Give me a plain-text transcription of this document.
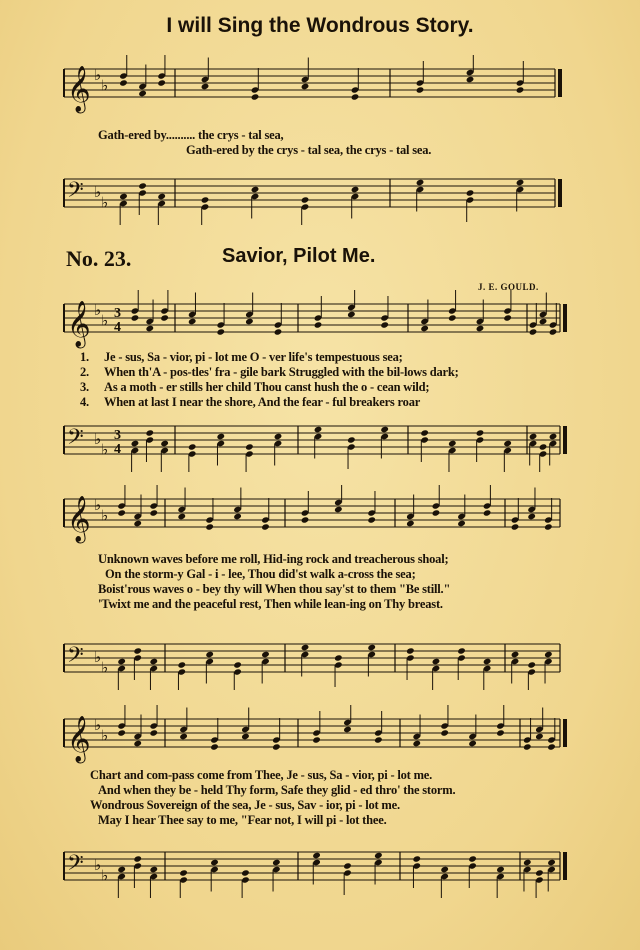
I will Sing the Wondrous Story.
𝄞 ♭
♭
Gath-ered by.......... the crys - tal sea,
Gath-ered by the crys - tal sea, the crys - tal sea.
𝄢 ♭
♭
No. 23.	Savior, Pilot Me.
J. E. GOULD.
𝄞 ♭
♭ 3
4
1. Je - sus, Sa - vior, pi - lot me O - ver life's tempestuous sea;
2. When th'A - pos-tles' fra - gile bark Struggled with the bil-lows dark;
3. As a moth - er stills her child Thou canst hush the o - cean wild;
4. When at last I near the shore, And the fear - ful breakers roar
𝄢 ♭
♭
3
4
𝄞 ♭
♭
Unknown waves before me roll, Hid-ing rock and treacherous shoal;
On the storm-y Gal - i - lee, Thou did'st walk a-cross the sea;
Boist'rous waves o - bey thy will When thou say'st to them "Be still."
'Twixt me and the peaceful rest, Then while lean-ing on Thy breast.
𝄢 ♭
♭
𝄞 ♭
♭
Chart and com-pass come from Thee, Je - sus, Sa - vior, pi - lot me.
And when they be - held Thy form, Safe they glid - ed thro' the storm.
Wondrous Sovereign of the sea, Je - sus, Sav - ior, pi - lot me.
May I hear Thee say to me, "Fear not, I will pi - lot thee.
𝄢 ♭
♭
